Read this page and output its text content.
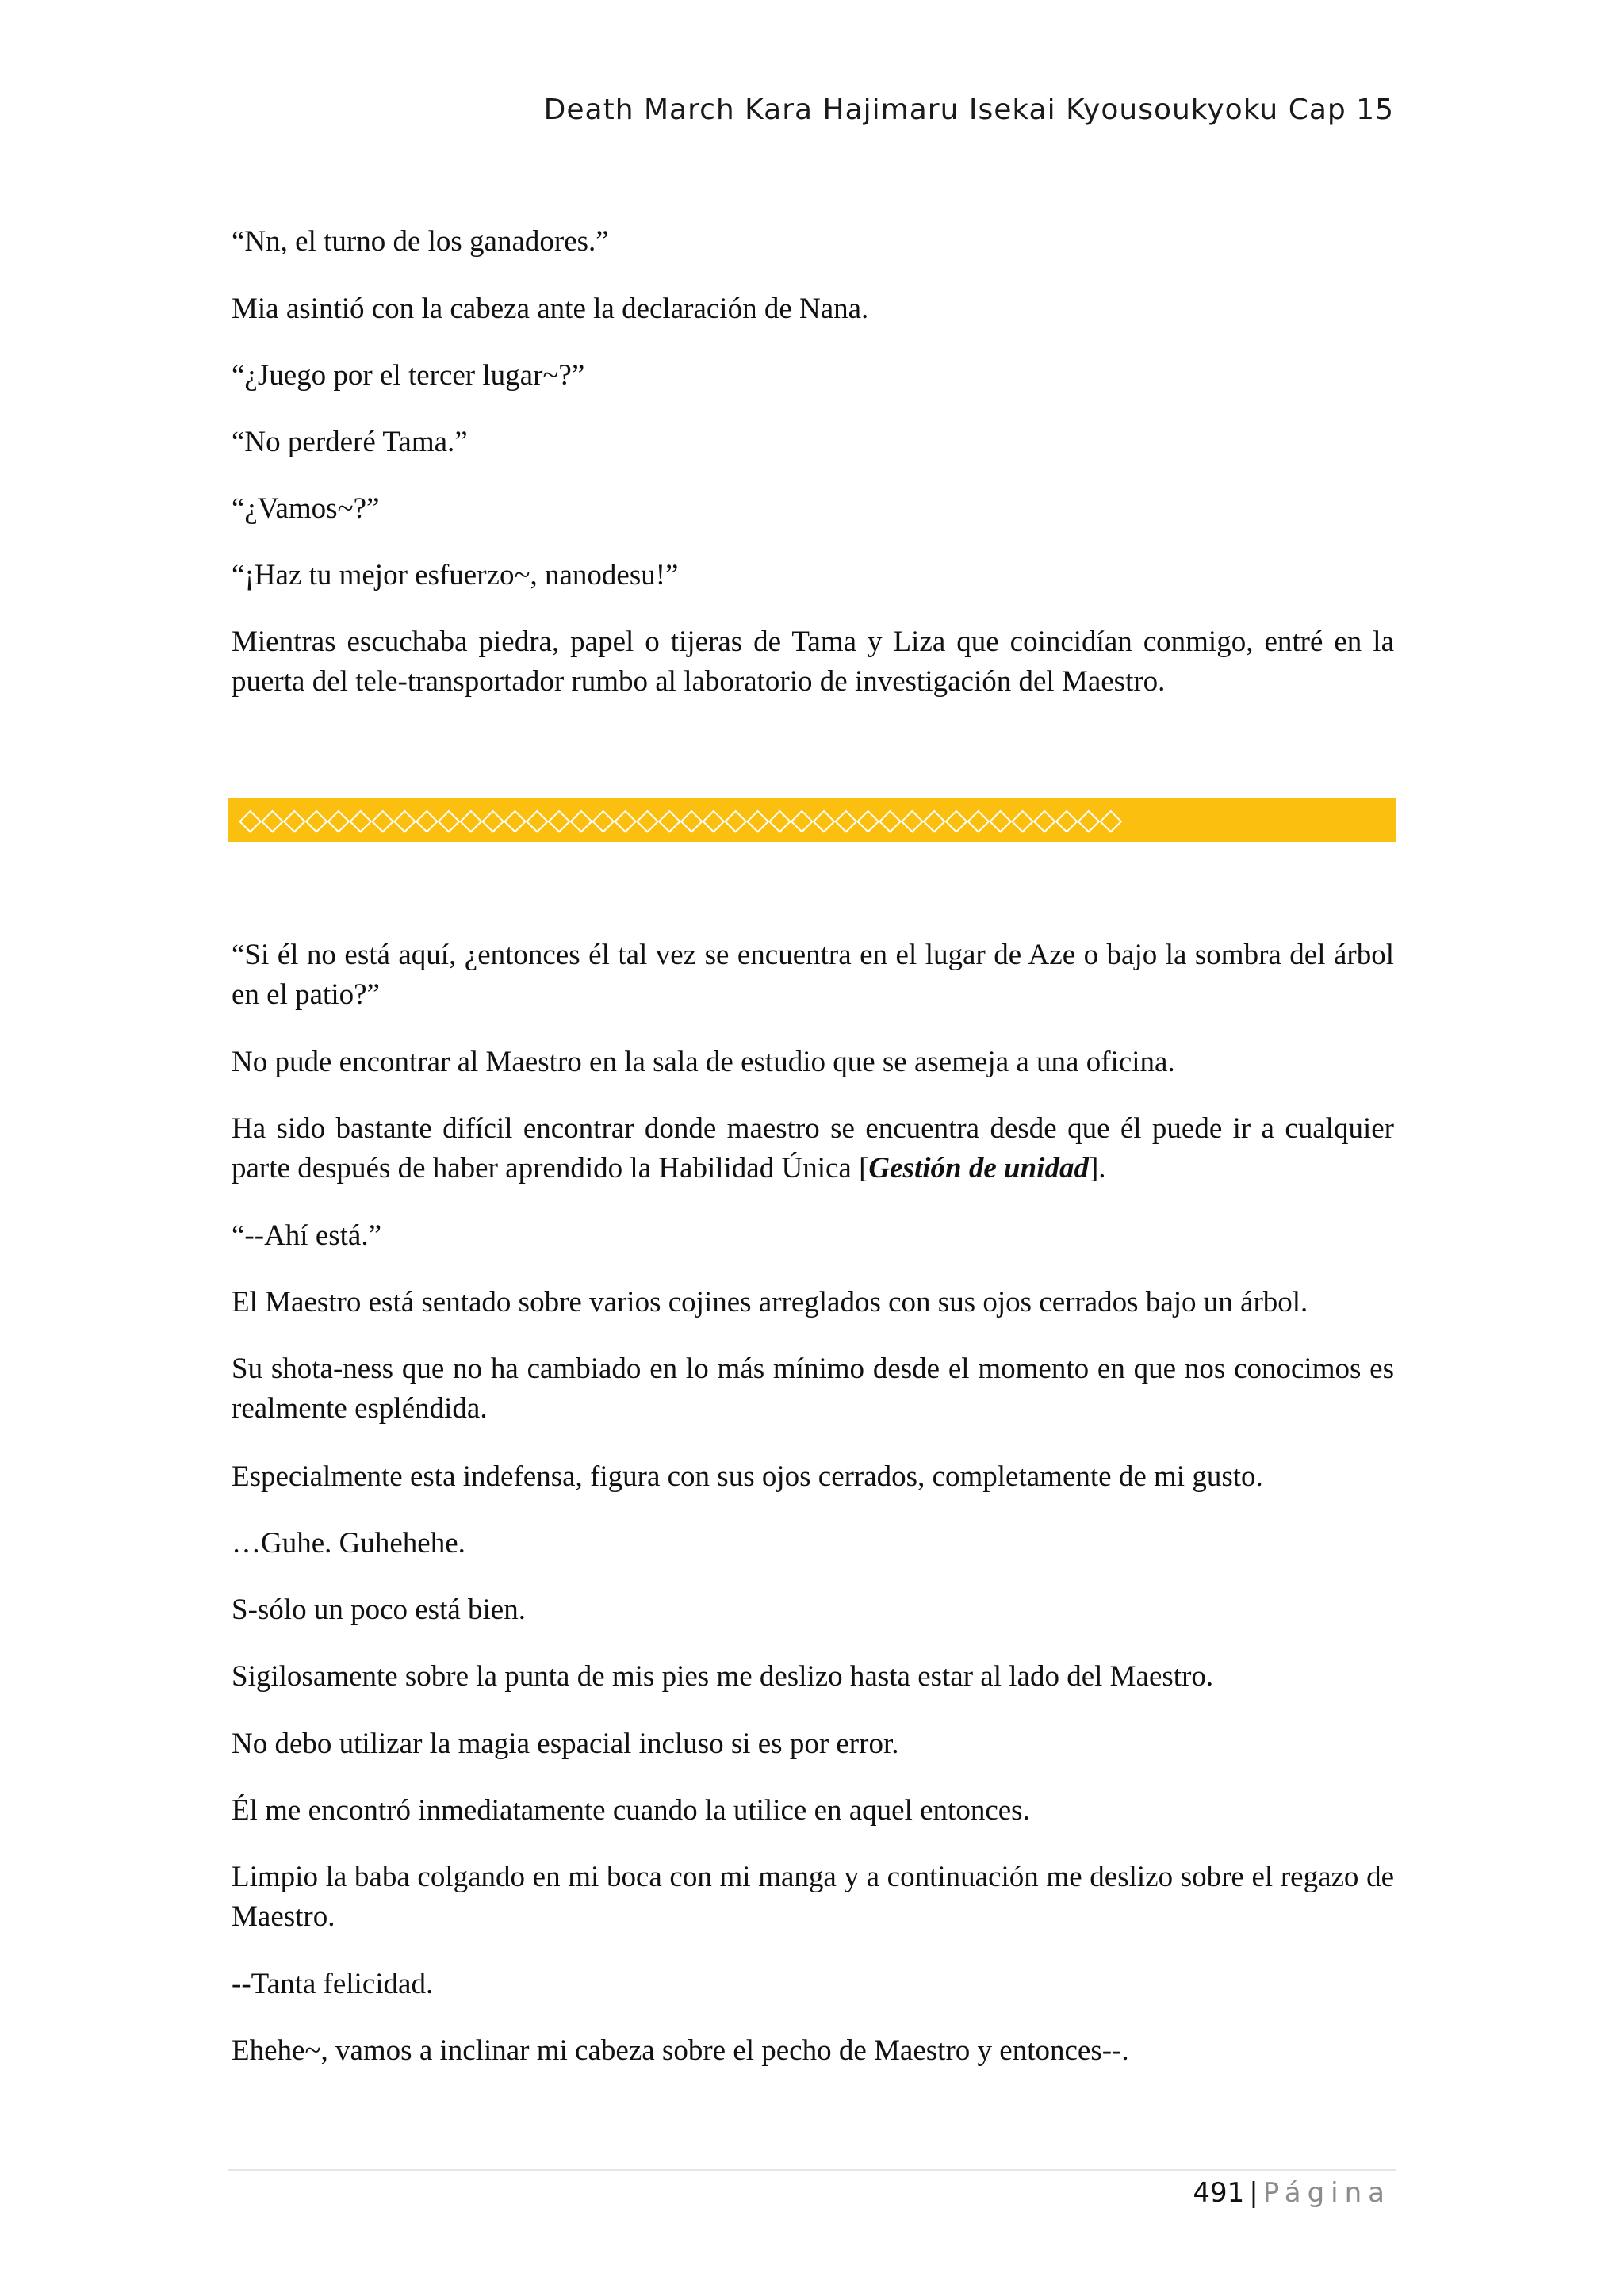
Death March Kara Hajimaru Isekai Kyousoukyoku Cap 15

“Nn, el turno de los ganadores.”

Mia asintió con la cabeza ante la declaración de Nana.

“¿Juego por el tercer lugar~?”

“No perderé Tama.”

“¿Vamos~?”

“¡Haz tu mejor esfuerzo~, nanodesu!”

Mientras escuchaba piedra, papel o tijeras de Tama y Liza que coincidían conmigo, entré en la puerta del tele-transportador rumbo al laboratorio de investigación del Maestro.

“Si él no está aquí, ¿entonces él tal vez se encuentra en el lugar de Aze o bajo la sombra del árbol en el patio?”

No pude encontrar al Maestro en la sala de estudio que se asemeja a una oficina.

Ha sido bastante difícil encontrar donde maestro se encuentra desde que él puede ir a cualquier parte después de haber aprendido la Habilidad Única [Gestión de unidad].

“--Ahí está.”

El Maestro está sentado sobre varios cojines arreglados con sus ojos cerrados bajo un árbol.

Su shota-ness que no ha cambiado en lo más mínimo desde el momento en que nos conocimos es realmente espléndida.

Especialmente esta indefensa, figura con sus ojos cerrados, completamente de mi gusto.

…Guhe. Guhehehe.

S-sólo un poco está bien.

Sigilosamente sobre la punta de mis pies me deslizo hasta estar al lado del Maestro.

No debo utilizar la magia espacial incluso si es por error.

Él me encontró inmediatamente cuando la utilice en aquel entonces.

Limpio la baba colgando en mi boca con mi manga y a continuación me deslizo sobre el regazo de Maestro.

--Tanta felicidad.

Ehehe~, vamos a inclinar mi cabeza sobre el pecho de Maestro y entonces--.

◇◇◇◇◇◇◇◇◇◇◇◇◇◇◇◇◇◇◇◇◇◇◇◇◇◇◇◇◇◇◇◇◇◇◇◇◇◇◇◇
491 | Página
